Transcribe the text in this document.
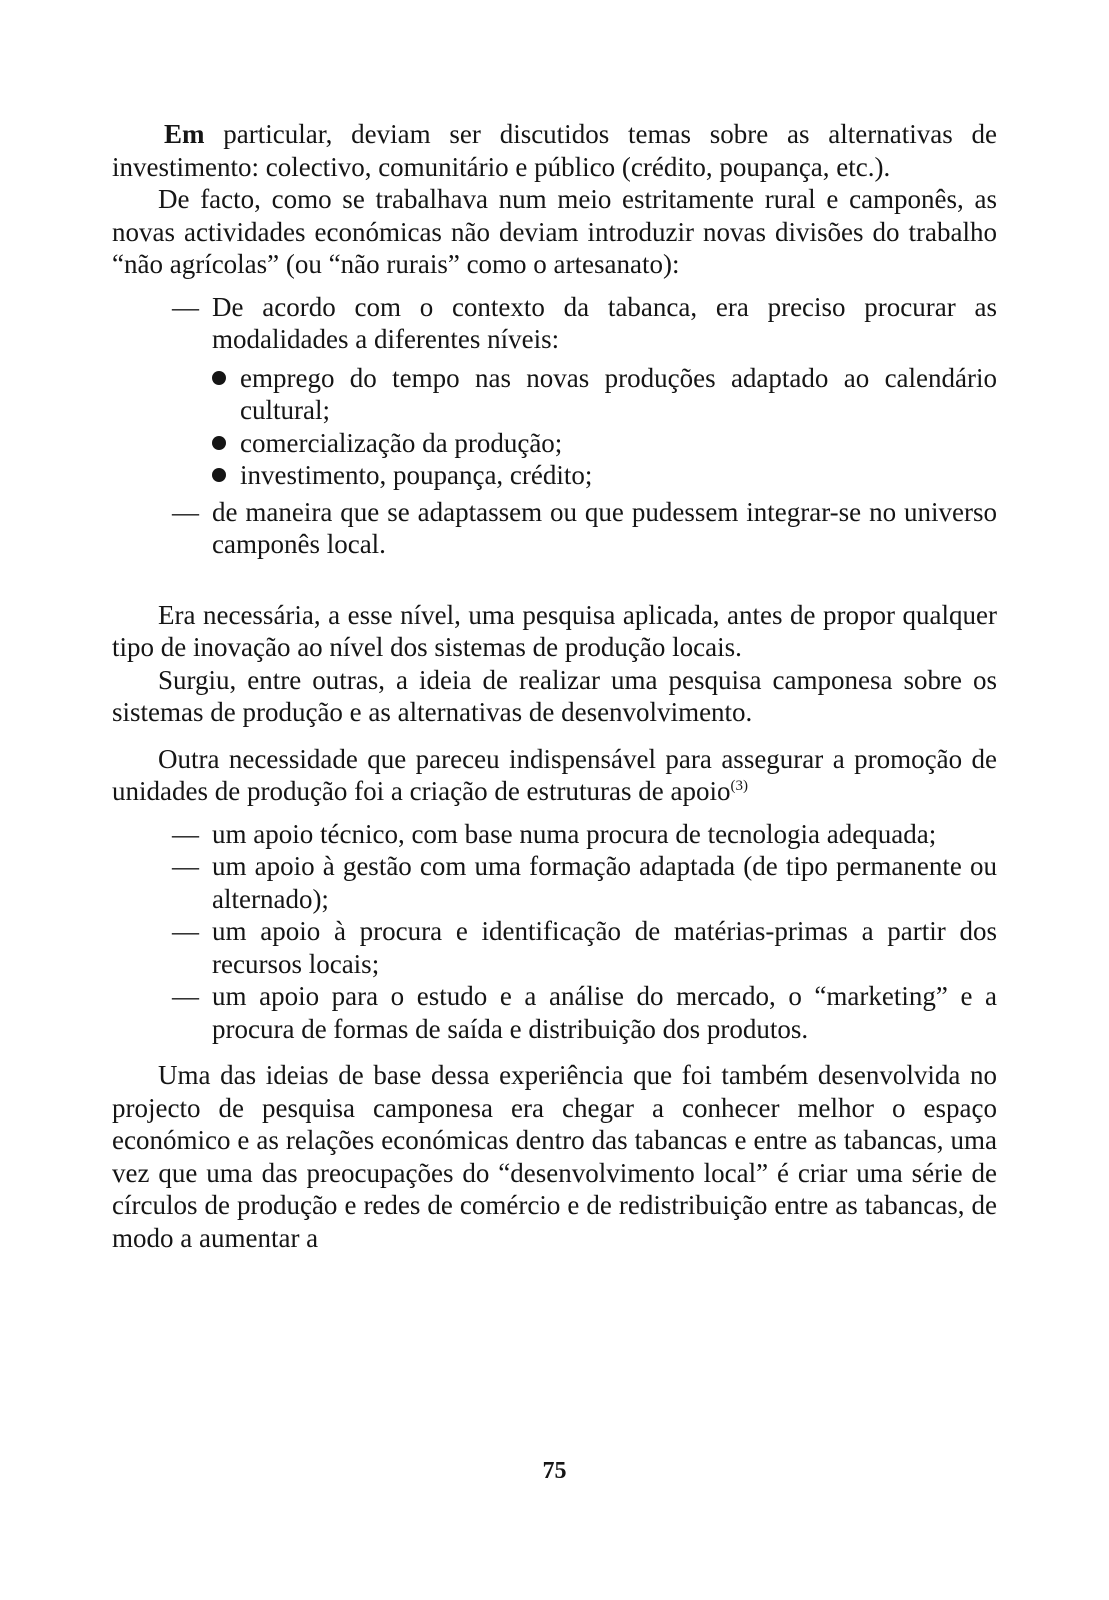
Em particular, deviam ser discutidos temas sobre as alternativas de investimento: colectivo, comunitário e público (crédito, poupança, etc.).

De facto, como se trabalhava num meio estritamente rural e camponês, as novas actividades económicas não deviam introduzir novas divisões do trabalho “não agrícolas” (ou “não rurais” como o artesanato):

— De acordo com o contexto da tabanca, era preciso procurar as modalidades a diferentes níveis:
emprego do tempo nas novas produções adaptado ao calendário cultural;
comercialização da produção;
investimento, poupança, crédito;
— de maneira que se adaptassem ou que pudessem integrar-se no universo camponês local.

Era necessária, a esse nível, uma pesquisa aplicada, antes de propor qualquer tipo de inovação ao nível dos sistemas de produção locais.

Surgiu, entre outras, a ideia de realizar uma pesquisa camponesa sobre os sistemas de produção e as alternativas de desenvolvimento.

Outra necessidade que pareceu indispensável para assegurar a promoção de unidades de produção foi a criação de estruturas de apoio$^{(3)}$

— um apoio técnico, com base numa procura de tecnologia adequada;
— um apoio à gestão com uma formação adaptada (de tipo permanente ou alternado);
— um apoio à procura e identificação de matérias-primas a partir dos recursos locais;
— um apoio para o estudo e a análise do mercado, o “marketing” e a procura de formas de saída e distribuição dos produtos.

Uma das ideias de base dessa experiência que foi também desenvolvida no projecto de pesquisa camponesa era chegar a conhecer melhor o espaço económico e as relações económicas dentro das tabancas e entre as tabancas, uma vez que uma das preocupações do “desenvolvimento local” é criar uma série de círculos de produção e redes de comércio e de redistribuição entre as tabancas, de modo a aumentar a

75
